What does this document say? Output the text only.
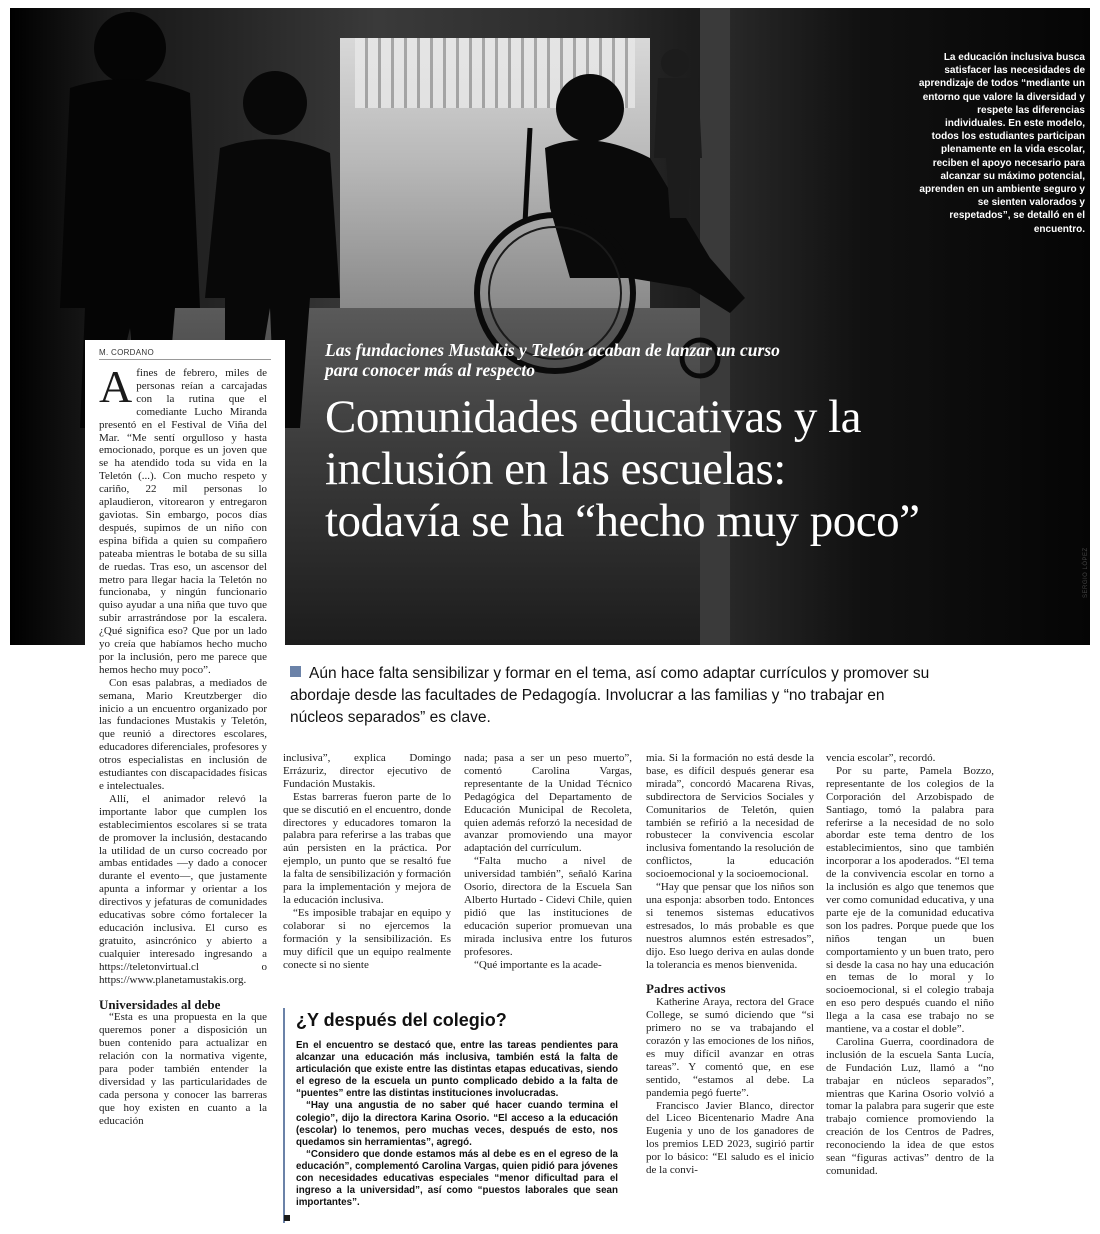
La educación inclusiva busca satisfacer las necesidades de aprendizaje de todos “mediante un entorno que valore la diversidad y respete las diferencias individuales. En este modelo, todos los estudiantes participan plenamente en la vida escolar, reciben el apoyo necesario para alcanzar su máximo potencial, aprenden en un ambiente seguro y se sienten valorados y respetados”, se detalló en el encuentro.
Las fundaciones Mustakis y Teletón acaban de lanzar un curso para conocer más al respecto
Comunidades educativas y la inclusión en las escuelas: todavía se ha “hecho muy poco”
SERGIO LÓPEZ
M. CORDANO

A fines de febrero, miles de personas reían a carcajadas con la rutina que el comediante Lucho Miranda presentó en el Festival de Viña del Mar. “Me sentí orgulloso y hasta emocionado, porque es un joven que se ha atendido toda su vida en la Teletón (...). Con mucho respeto y cariño, 22 mil personas lo aplaudieron, vitorearon y entregaron gaviotas. Sin embargo, pocos días después, supimos de un niño con espina bífida a quien su compañero pateaba mientras le botaba de su silla de ruedas. Tras eso, un ascensor del metro para llegar hacia la Teletón no funcionaba, y ningún funcionario quiso ayudar a una niña que tuvo que subir arrastrándose por la escalera. ¿Qué significa eso? Que por un lado yo creía que habíamos hecho mucho por la inclusión, pero me parece que hemos hecho muy poco”.

Con esas palabras, a mediados de semana, Mario Kreutzberger dio inicio a un encuentro organizado por las fundaciones Mustakis y Teletón, que reunió a directores escolares, educadores diferenciales, profesores y otros especialistas en inclusión de estudiantes con discapacidades físicas e intelectuales.

Allí, el animador relevó la importante labor que cumplen los establecimientos escolares si se trata de promover la inclusión, destacando la utilidad de un curso cocreado por ambas entidades —y dado a conocer durante el evento—, que justamente apunta a informar y orientar a los directivos y jefaturas de comunidades educativas sobre cómo fortalecer la educación inclusiva. El curso es gratuito, asincrónico y abierto a cualquier interesado ingresando a https://teletonvirtual.cl o https://www.planetamustakis.org.

Universidades al debe

“Esta es una propuesta en la que queremos poner a disposición un buen contenido para actualizar en relación con la normativa vigente, para poder también entender la diversidad y las particularidades de cada persona y conocer las barreras que hoy existen en cuanto a la educación

Aún hace falta sensibilizar y formar en el tema, así como adaptar currículos y promover su abordaje desde las facultades de Pedagogía. Involucrar a las familias y “no trabajar en núcleos separados” es clave.

inclusiva”, explica Domingo Errázuriz, director ejecutivo de Fundación Mustakis.

Estas barreras fueron parte de lo que se discutió en el encuentro, donde directores y educadores tomaron la palabra para referirse a las trabas que aún persisten en la práctica. Por ejemplo, un punto que se resaltó fue la falta de sensibilización y formación para la implementación y mejora de la educación inclusiva.

“Es imposible trabajar en equipo y colaborar si no ejercemos la formación y la sensibilización. Es muy difícil que un equipo realmente conecte si no siente

nada; pasa a ser un peso muerto”, comentó Carolina Vargas, representante de la Unidad Técnico Pedagógica del Departamento de Educación Municipal de Recoleta, quien además reforzó la necesidad de avanzar promoviendo una mayor adaptación del currículum.

“Falta mucho a nivel de universidad también”, señaló Karina Osorio, directora de la Escuela San Alberto Hurtado - Cidevi Chile, quien pidió que las instituciones de educación superior promuevan una mirada inclusiva entre los futuros profesores.

“Qué importante es la acade-

mia. Si la formación no está desde la base, es difícil después generar esa mirada”, concordó Macarena Rivas, subdirectora de Servicios Sociales y Comunitarios de Teletón, quien también se refirió a la necesidad de robustecer la convivencia escolar inclusiva fomentando la resolución de conflictos, la educación socioemocional y la socioemocional.

“Hay que pensar que los niños son una esponja: absorben todo. Entonces si tenemos sistemas educativos estresados, lo más probable es que nuestros alumnos estén estresados”, dijo. Eso luego deriva en aulas donde la tolerancia es menos bienvenida.

Padres activos

Katherine Araya, rectora del Grace College, se sumó diciendo que “si primero no se va trabajando el corazón y las emociones de los niños, es muy difícil avanzar en otras tareas”. Y comentó que, en ese sentido, “estamos al debe. La pandemia pegó fuerte”.

Francisco Javier Blanco, director del Liceo Bicentenario Madre Ana Eugenia y uno de los ganadores de los premios LED 2023, sugirió partir por lo básico: “El saludo es el inicio de la convi-

vencia escolar”, recordó.

Por su parte, Pamela Bozzo, representante de los colegios de la Corporación del Arzobispado de Santiago, tomó la palabra para referirse a la necesidad de no solo abordar este tema dentro de los establecimientos, sino que también incorporar a los apoderados. “El tema de la convivencia escolar en torno a la inclusión es algo que tenemos que ver como comunidad educativa, y una parte eje de la comunidad educativa son los padres. Porque puede que los niños tengan un buen comportamiento y un buen trato, pero si desde la casa no hay una educación en temas de lo moral y lo socioemocional, si el colegio trabaja en eso pero después cuando el niño llega a la casa ese trabajo no se mantiene, va a costar el doble”.

Carolina Guerra, coordinadora de inclusión de la escuela Santa Lucía, de Fundación Luz, llamó a “no trabajar en núcleos separados”, mientras que Karina Osorio volvió a tomar la palabra para sugerir que este trabajo comience promoviendo la creación de los Centros de Padres, reconociendo la idea de que estos sean “figuras activas” dentro de la comunidad.

¿Y después del colegio?

En el encuentro se destacó que, entre las tareas pendientes para alcanzar una educación más inclusiva, también está la falta de articulación que existe entre las distintas etapas educativas, siendo el egreso de la escuela un punto complicado debido a la falta de “puentes” entre las distintas instituciones involucradas.

“Hay una angustia de no saber qué hacer cuando termina el colegio”, dijo la directora Karina Osorio. “El acceso a la educación (escolar) lo tenemos, pero muchas veces, después de esto, nos quedamos sin herramientas”, agregó.

“Considero que donde estamos más al debe es en el egreso de la educación”, complementó Carolina Vargas, quien pidió para jóvenes con necesidades educativas especiales “menor dificultad para el ingreso a la universidad”, así como “puestos laborales que sean importantes”.
